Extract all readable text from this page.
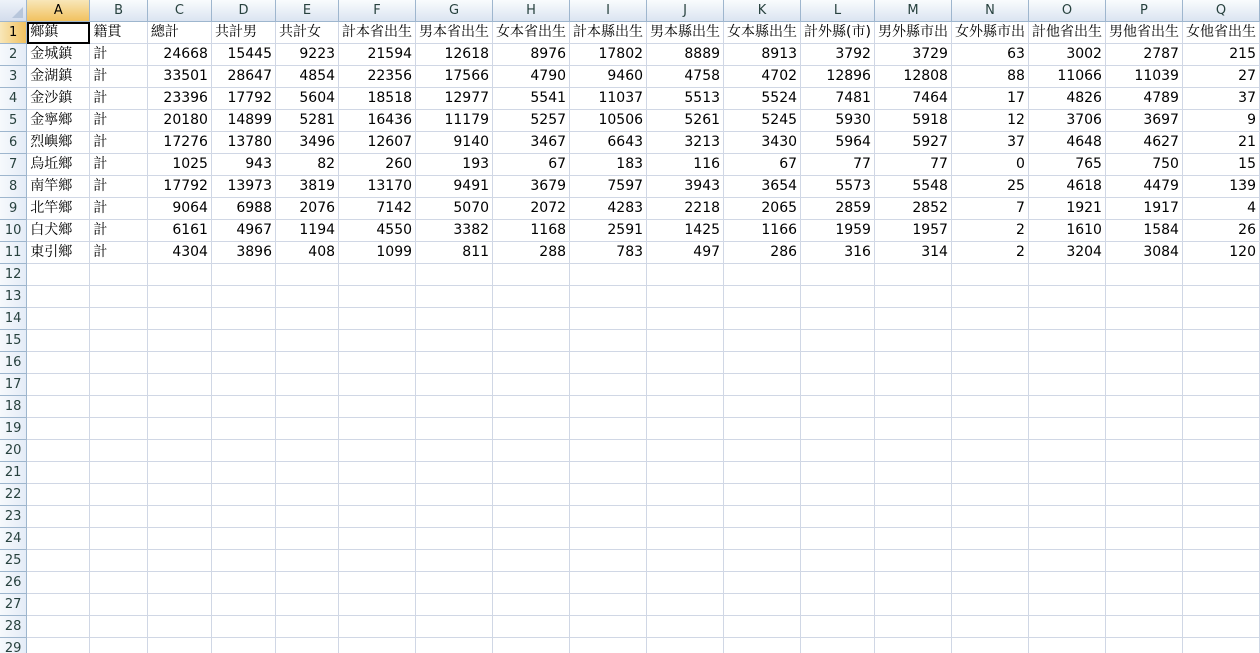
	A	B	C	D	E	F	G	H	I	J	K	L	M	N	O	P	Q
1	鄉鎮	籍貫	總計	共計男	共計女	計本省出生	男本省出生	女本省出生	計本縣出生	男本縣出生	女本縣出生	計外縣(市)	男外縣市出	女外縣市出	計他省出生	男他省出生	女他省出生
2	金城鎮	計	24668	15445	9223	21594	12618	8976	17802	8889	8913	3792	3729	63	3002	2787	215
3	金湖鎮	計	33501	28647	4854	22356	17566	4790	9460	4758	4702	12896	12808	88	11066	11039	27
4	金沙鎮	計	23396	17792	5604	18518	12977	5541	11037	5513	5524	7481	7464	17	4826	4789	37
5	金寧鄉	計	20180	14899	5281	16436	11179	5257	10506	5261	5245	5930	5918	12	3706	3697	9
6	烈嶼鄉	計	17276	13780	3496	12607	9140	3467	6643	3213	3430	5964	5927	37	4648	4627	21
7	烏坵鄉	計	1025	943	82	260	193	67	183	116	67	77	77	0	765	750	15
8	南竿鄉	計	17792	13973	3819	13170	9491	3679	7597	3943	3654	5573	5548	25	4618	4479	139
9	北竿鄉	計	9064	6988	2076	7142	5070	2072	4283	2218	2065	2859	2852	7	1921	1917	4
10	白犬鄉	計	6161	4967	1194	4550	3382	1168	2591	1425	1166	1959	1957	2	1610	1584	26
11	東引鄉	計	4304	3896	408	1099	811	288	783	497	286	316	314	2	3204	3084	120
12																	
13																	
14																	
15																	
16																	
17																	
18																	
19																	
20																	
21																	
22																	
23																	
24																	
25																	
26																	
27																	
28																	
29																	
